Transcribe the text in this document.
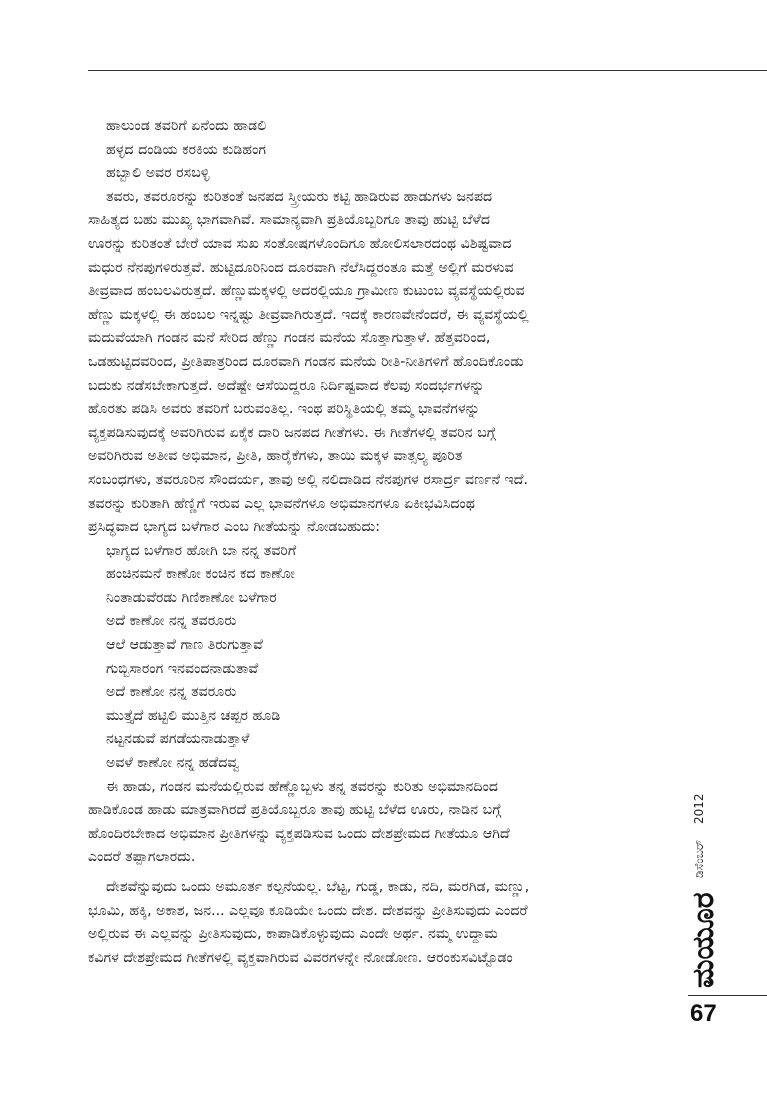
ಹಾಲುಂಡ ತವರಿಗೆ ಏನೆಂದು ಹಾಡಲಿ
ಹಳ್ಳದ ದಂಡಿಯ ಕರಕಿಯ ಕುಡಿಹಂಗ
ಹಬ್ಬಾಲಿ ಅವರ ರಸಬಳ್ಳಿ
ತವರು, ತವರೂರನ್ನು ಕುರಿತಂತೆ ಜನಪದ ಸ್ತ್ರೀಯರು ಕಟ್ಟಿ ಹಾಡಿರುವ ಹಾಡುಗಳು ಜನಪದ
ಸಾಹಿತ್ಯದ ಬಹು ಮುಖ್ಯ ಭಾಗವಾಗಿವೆ. ಸಾಮಾನ್ಯವಾಗಿ ಪ್ರತಿಯೊಬ್ಬರಿಗೂ ತಾವು ಹುಟ್ಟಿ ಬೆಳೆದ
ಊರನ್ನು ಕುರಿತಂತೆ ಬೇರೆ ಯಾವ ಸುಖ ಸಂತೋಷಗಳೊಂದಿಗೂ ಹೋಲಿಸಲಾರದಂಥ ವಿಶಿಷ್ಟವಾದ
ಮಧುರ ನೆನಪುಗಳಿರುತ್ತವೆ. ಹುಟ್ಟಿದೂರಿನಿಂದ ದೂರವಾಗಿ ನೆಲೆಸಿದ್ದರಂತೂ ಮತ್ತೆ ಅಲ್ಲಿಗೆ ಮರಳುವ
ತೀವ್ರವಾದ ಹಂಬಲವಿರುತ್ತದೆ. ಹೆಣ್ಣುಮಕ್ಕಳಲ್ಲಿ ಅದರಲ್ಲಿಯೂ ಗ್ರಾಮೀಣ ಕುಟುಂಬ ವ್ಯವಸ್ಥೆಯಲ್ಲಿರುವ
ಹೆಣ್ಣು ಮಕ್ಕಳಲ್ಲಿ ಈ ಹಂಬಲ ಇನ್ನಷ್ಟು ತೀವ್ರವಾಗಿರುತ್ತದೆ. ಇದಕ್ಕೆ ಕಾರಣವೇನೆಂದರೆ, ಈ ವ್ಯವಸ್ಥೆಯಲ್ಲಿ
ಮದುವೆಯಾಗಿ ಗಂಡನ ಮನೆ ಸೇರಿದ ಹೆಣ್ಣು ಗಂಡನ ಮನೆಯ ಸೊತ್ತಾಗುತ್ತಾಳೆ. ಹೆತ್ತವರಿಂದ,
ಒಡಹುಟ್ಟಿದವರಿಂದ, ಪ್ರೀತಿಪಾತ್ರರಿಂದ ದೂರವಾಗಿ ಗಂಡನ ಮನೆಯ ರೀತಿ-ನೀತಿಗಳಿಗೆ ಹೊಂದಿಕೊಂಡು
ಬದುಕು ನಡೆಸಬೇಕಾಗುತ್ತದೆ. ಅದೆಷ್ಟೇ ಆಸೆಯಿದ್ದರೂ ನಿರ್ದಿಷ್ಟವಾದ ಕೆಲವು ಸಂದರ್ಭಗಳನ್ನು
ಹೊರತು ಪಡಿಸಿ ಅವರು ತವರಿಗೆ ಬರುವಂತಿಲ್ಲ. ಇಂಥ ಪರಿಸ್ಥಿತಿಯಲ್ಲಿ ತಮ್ಮ ಭಾವನೆಗಳನ್ನು
ವ್ಯಕ್ತಪಡಿಸುವುದಕ್ಕೆ ಅವರಿಗಿರುವ ಏಕೈಕ ದಾರಿ ಜನಪದ ಗೀತೆಗಳು. ಈ ಗೀತೆಗಳಲ್ಲಿ ತವರಿನ ಬಗ್ಗೆ
ಅವರಿಗಿರುವ ಅತೀವ ಅಭಿಮಾನ, ಪ್ರೀತಿ, ಹಾರೈಕೆಗಳು, ತಾಯಿ ಮಕ್ಕಳ ವಾತ್ಸಲ್ಯ ಪೂರಿತ
ಸಂಬಂಧಗಳು, ತವರೂರಿನ ಸೌಂದರ್ಯ, ತಾವು ಅಲ್ಲಿ ನಲಿದಾಡಿದ ನೆನಪುಗಳ ರಸಾರ್ದ್ರ ವರ್ಣನೆ ಇದೆ.
ತವರನ್ನು ಕುರಿತಾಗಿ ಹೆಣ್ಣಿಗೆ ಇರುವ ಎಲ್ಲ ಭಾವನೆಗಳೂ ಅಭಿಮಾನಗಳೂ ಏಕೀಭವಿಸಿದಂಥ
ಪ್ರಸಿದ್ಧವಾದ ಭಾಗ್ಯದ ಬಳೆಗಾರ ಎಂಬ ಗೀತೆಯನ್ನು ನೋಡಬಹುದು:
ಭಾಗ್ಯದ ಬಳೆಗಾರ ಹೋಗಿ ಬಾ ನನ್ನ ತವರಿಗೆ
ಹಂಚಿನಮನೆ ಕಾಣೋ ಕಂಚಿನ ಕದ ಕಾಣೋ
ನಿಂತಾಡುವೆರಡು ಗಿಣಿಕಾಣೋ ಬಳೆಗಾರ
ಅದೆ ಕಾಣೋ ನನ್ನ ತವರೂರು
ಆಲೆ ಆಡುತ್ತಾವೆ ಗಾಣ ತಿರುಗುತ್ತಾವೆ
ಗುಬ್ಬಿಸಾರಂಗ ಇನವಂದನಾಡುತಾವೆ
ಅದೆ ಕಾಣೋ ನನ್ನ ತವರೂರು
ಮುತ್ತೈದೆ ಹಟ್ಟಿಲಿ ಮುತ್ತಿನ ಚಪ್ಪರ ಹೂಡಿ
ನಟ್ಟನಡುವೆ ಪಗಡೆಯನಾಡುತ್ತಾಳೆ
ಅವಳೆ ಕಾಣೋ ನನ್ನ ಹಡೆದವ್ವ
ಈ ಹಾಡು, ಗಂಡನ ಮನೆಯಲ್ಲಿರುವ ಹೆಣ್ಣೊಬ್ಬಳು ತನ್ನ ತವರನ್ನು ಕುರಿತು ಅಭಿಮಾನದಿಂದ
ಹಾಡಿಕೊಂಡ ಹಾಡು ಮಾತ್ರವಾಗಿರದೆ ಪ್ರತಿಯೊಬ್ಬರೂ ತಾವು ಹುಟ್ಟಿ ಬೆಳೆದ ಊರು, ನಾಡಿನ ಬಗ್ಗೆ
ಹೊಂದಿರಬೇಕಾದ ಅಭಿಮಾನ ಪ್ರೀತಿಗಳನ್ನು ವ್ಯಕ್ತಪಡಿಸುವ ಒಂದು ದೇಶಪ್ರೇಮದ ಗೀತೆಯೂ ಆಗಿದೆ
ಎಂದರೆ ತಪ್ಪಾಗಲಾರದು.
ದೇಶವೆನ್ನುವುದು ಒಂದು ಅಮೂರ್ತ ಕಲ್ಪನೆಯಲ್ಲ. ಬೆಟ್ಟ, ಗುಡ್ಡ, ಕಾಡು, ನದಿ, ಮರಗಿಡ, ಮಣ್ಣು,
ಭೂಮಿ, ಹಕ್ಕಿ, ಅಕಾಶ, ಜನ... ಎಲ್ಲವೂ ಕೂಡಿಯೇ ಒಂದು ದೇಶ. ದೇಶವನ್ನು ಪ್ರೀತಿಸುವುದು ಎಂದರೆ
ಅಲ್ಲಿರುವ ಈ ಎಲ್ಲವನ್ನು ಪ್ರೀತಿಸುವುದು, ಕಾಪಾಡಿಕೊಳ್ಳುವುದು ಎಂದೇ ಅರ್ಥ. ನಮ್ಮ ಉದ್ದಾಮ
ಕವಿಗಳ ದೇಶಪ್ರೇಮದ ಗೀತೆಗಳಲ್ಲಿ ವ್ಯಕ್ತವಾಗಿರುವ ವಿವರಗಳನ್ನೇ ನೋಡೋಣ. ಆರಂಕುಸವಿಟ್ಟೊಡಂ
2012
ಡಿಸೆಂಬರ್
ಮಯೂರ
67
